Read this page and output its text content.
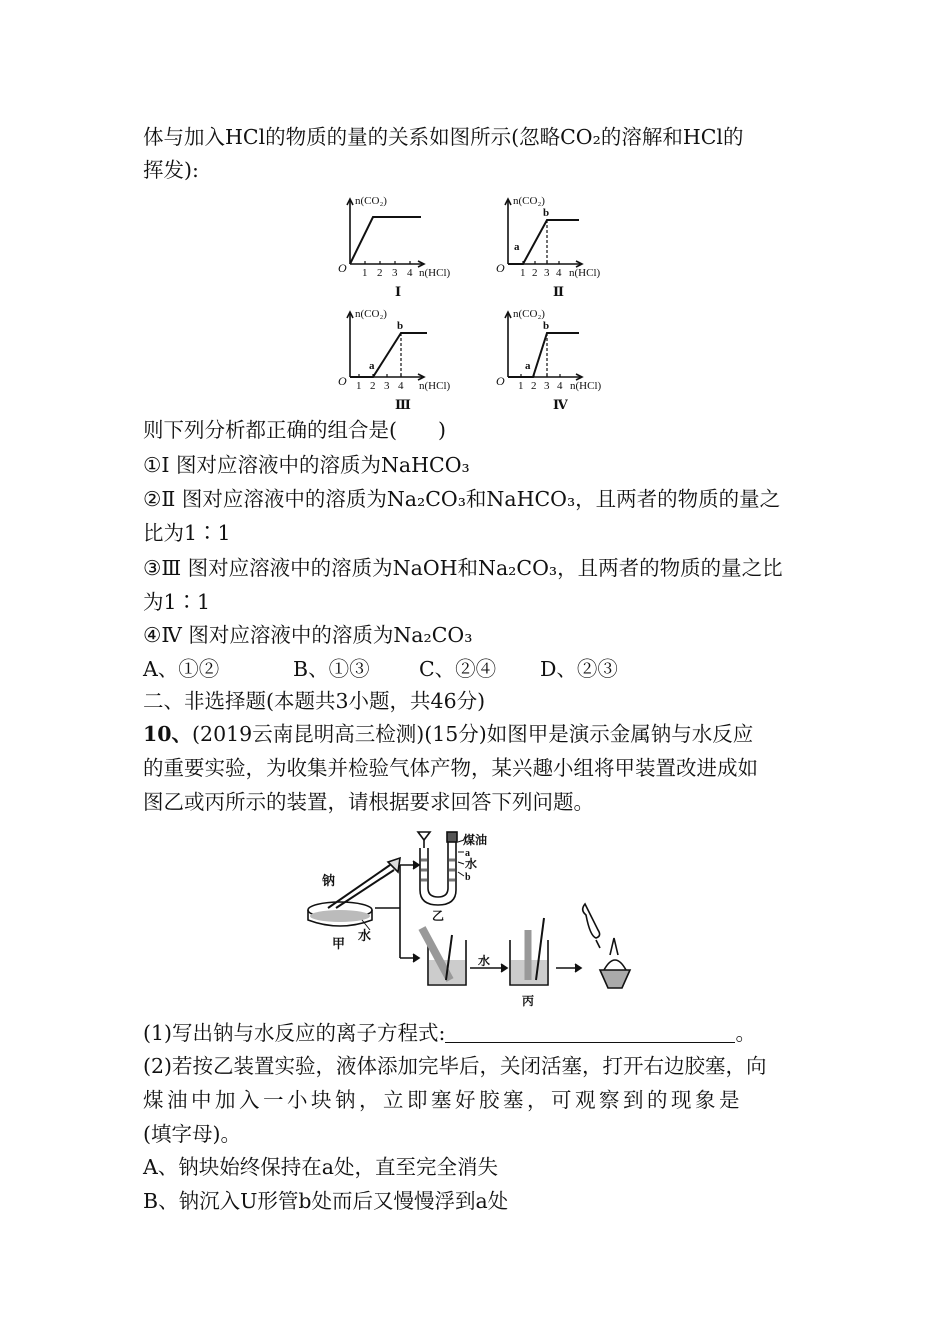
体与加入HCl的物质的量的关系如图所示(忽略CO₂的溶解和HCl的
挥发):
n(CO₂)
O 1 2 3 4 n(HCl)
Ⅰ
n(CO₂)
O
a
b
1 2 3 4 n(HCl)
Ⅱ
n(CO₂)
O
a
b
1 2 3 4 n(HCl)
Ⅲ
n(CO₂)
O
a
b
1 2 3 4 n(HCl)
Ⅳ
则下列分析都正确的组合是(　　)
①Ⅰ 图对应溶液中的溶质为NaHCO₃
②Ⅱ 图对应溶液中的溶质为Na₂CO₃和NaHCO₃，且两者的物质的量之
比为1∶1
③Ⅲ 图对应溶液中的溶质为NaOH和Na₂CO₃，且两者的物质的量之比
为1∶1
④Ⅳ 图对应溶液中的溶质为Na₂CO₃
A、①②	B、①③ C、②④ D、②③
二、非选择题(本题共3小题，共46分)
10、(2019云南昆明高三检测)(15分)如图甲是演示金属钠与水反应
的重要实验，为收集并检验气体产物，某兴趣小组将甲装置改进成如
图乙或丙所示的装置，请根据要求回答下列问题。
钠
水
甲
煤油
a
水
b
乙
水
丙
(1)写出钠与水反应的离子方程式:	。
(2)若按乙装置实验，液体添加完毕后，关闭活塞，打开右边胶塞，向
煤油中加入一小块钠，立即塞好胶塞，可观察到的现象是
(填字母)。
A、钠块始终保持在a处，直至完全消失
B、钠沉入U形管b处而后又慢慢浮到a处
